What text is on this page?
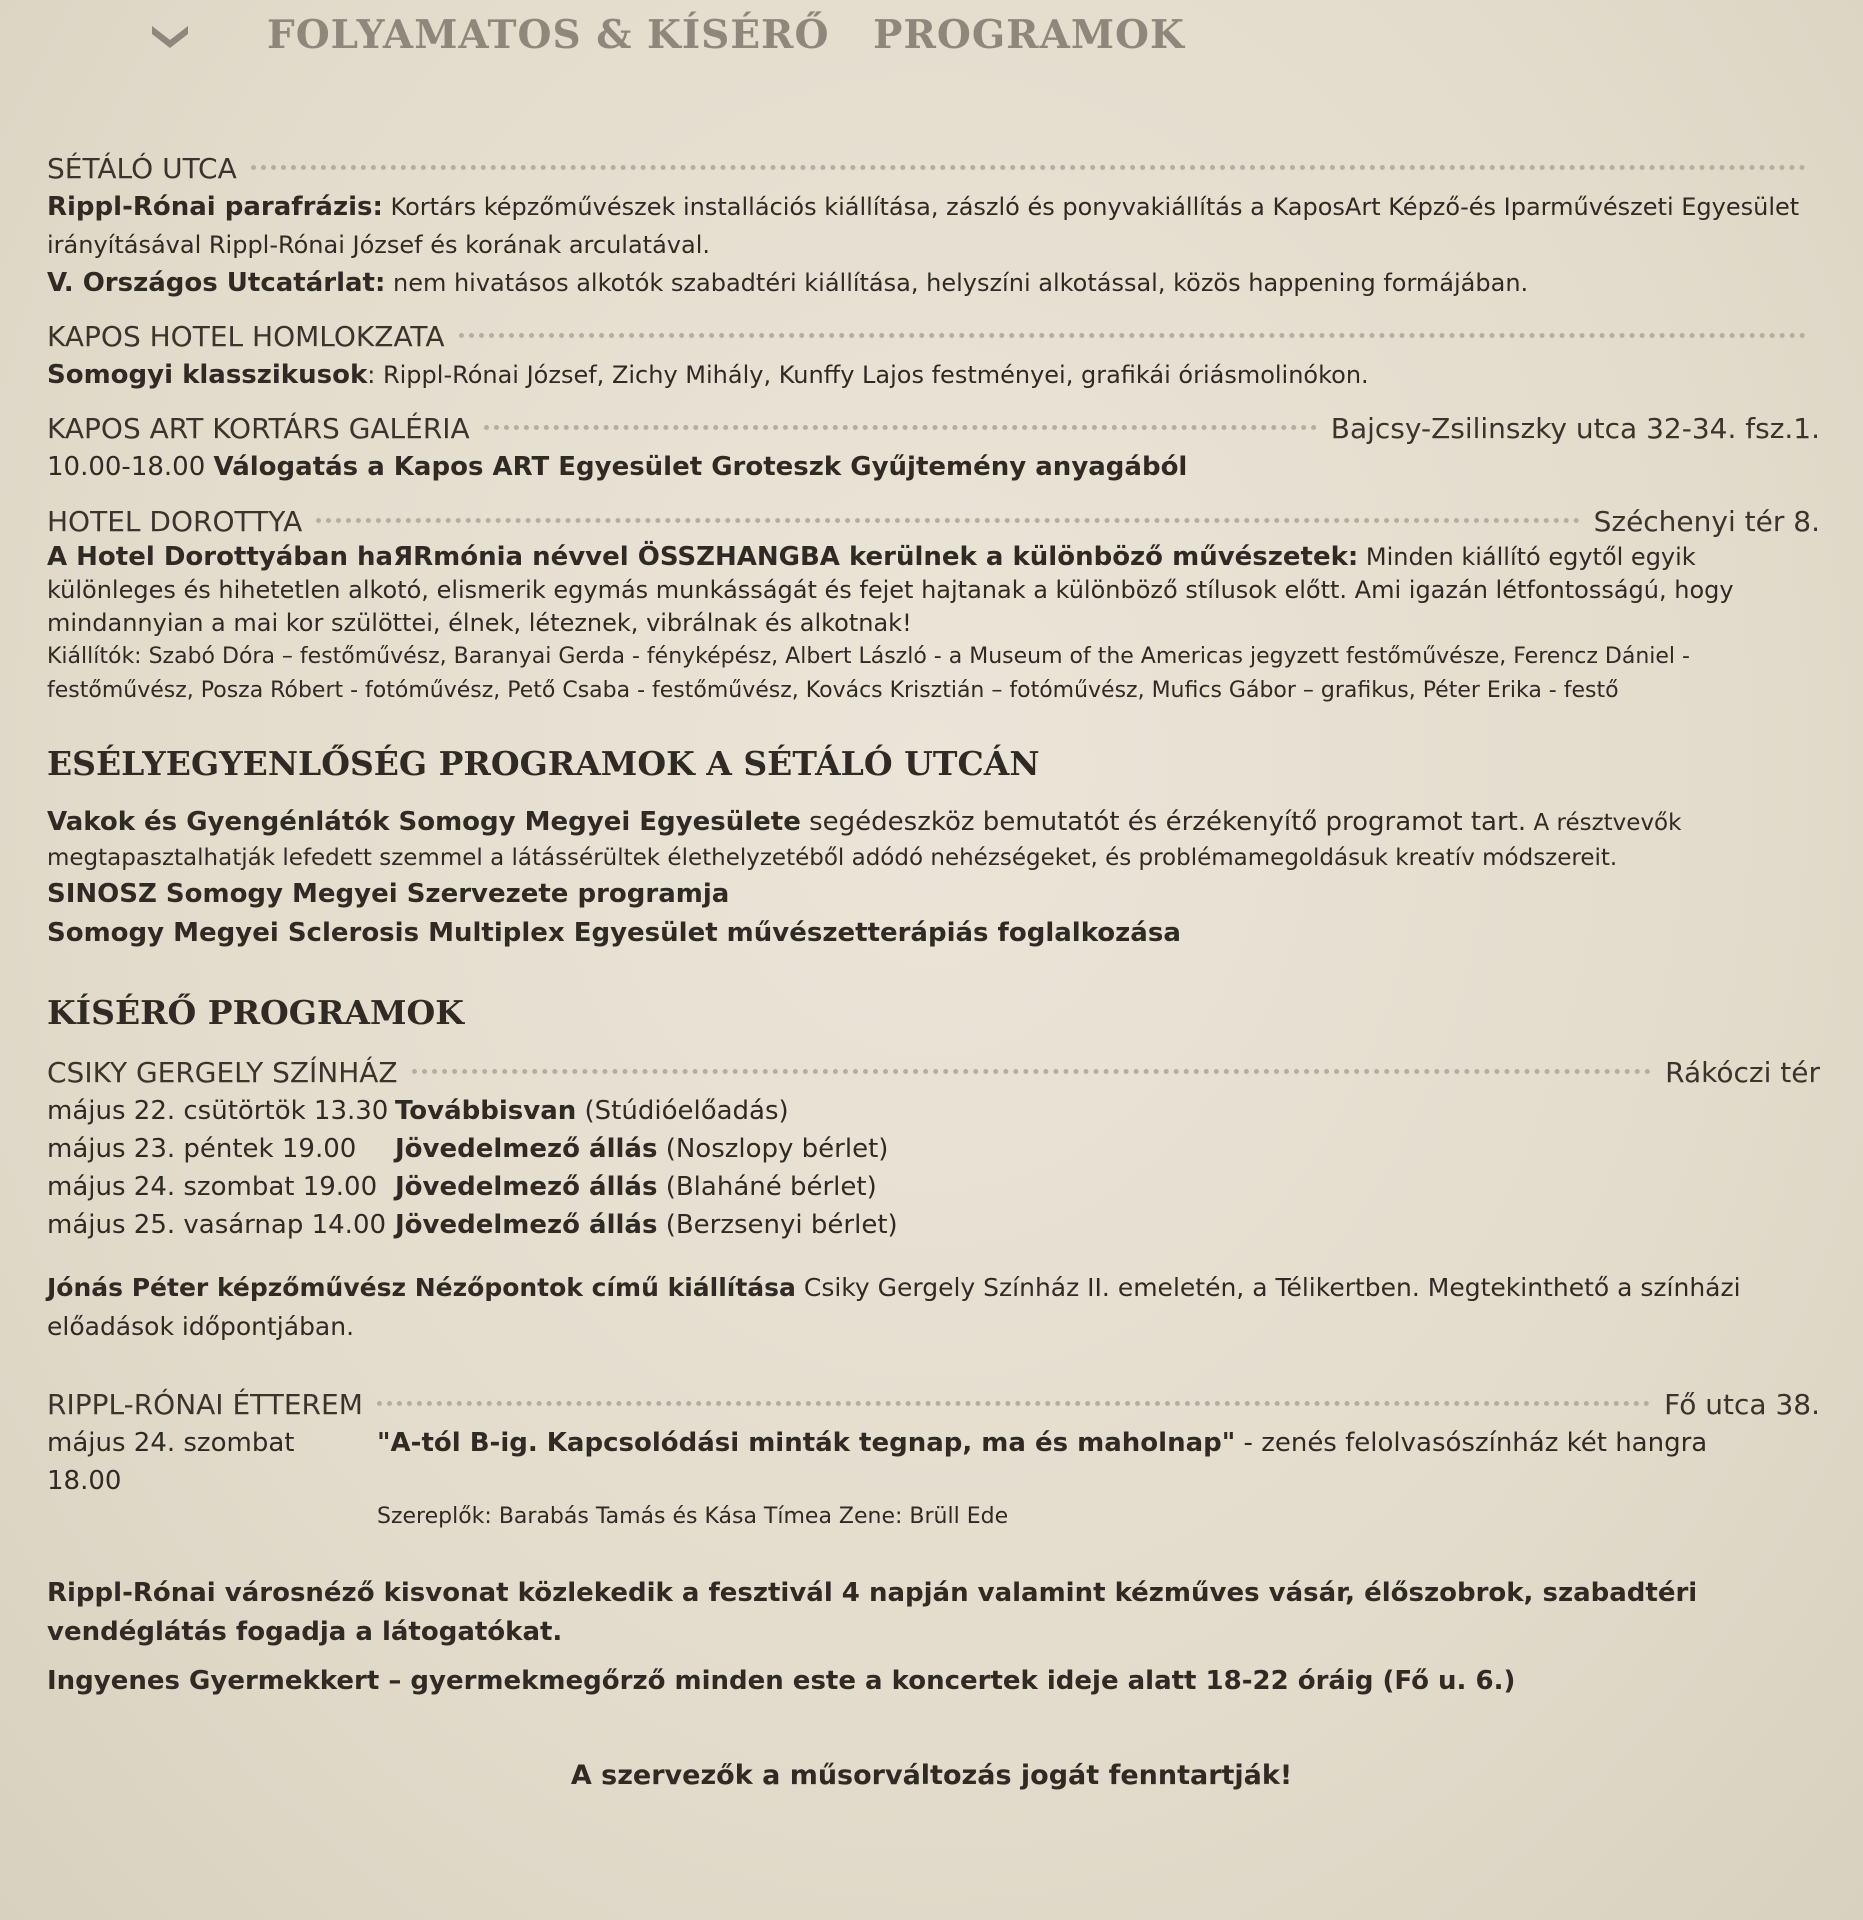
FOLYAMATOS & KÍSÉRŐ   PROGRAMOK
SÉTÁLÓ UTCA
Rippl-Rónai parafrázis: Kortárs képzőművészek installációs kiállítása, zászló és ponyvakiállítás a KaposArt Képző-és Iparművészeti Egyesület irányításával Rippl-Rónai József és korának arculatával.
V. Országos Utcatárlat: nem hivatásos alkotók szabadtéri kiállítása, helyszíni alkotással, közös happening formájában.
KAPOS HOTEL HOMLOKZATA
Somogyi klasszikusok: Rippl-Rónai József, Zichy Mihály, Kunffy Lajos festményei, grafikái óriásmolinókon.
KAPOS ART KORTÁRS GALÉRIA	Bajcsy-Zsilinszky utca 32-34. fsz.1.
10.00-18.00 Válogatás a Kapos ART Egyesület Groteszk Gyűjtemény anyagából
HOTEL DOROTTYA	Széchenyi tér 8.
A Hotel Dorottyában haЯRmónia névvel ÖSSZHANGBA kerülnek a különböző művészetek: Minden kiállító egytől egyik különleges és hihetetlen alkotó, elismerik egymás munkásságát és fejet hajtanak a különböző stílusok előtt. Ami igazán létfontosságú, hogy mindannyian a mai kor szülöttei, élnek, léteznek, vibrálnak és alkotnak!
Kiállítók: Szabó Dóra – festőművész, Baranyai Gerda - fényképész, Albert László - a Museum of the Americas jegyzett festőművésze, Ferencz Dániel - festőművész, Posza Róbert - fotóművész, Pető Csaba - festőművész, Kovács Krisztián – fotóművész, Mufics Gábor – grafikus, Péter Erika - festő
ESÉLYEGYENLŐSÉG PROGRAMOK A SÉTÁLÓ UTCÁN
Vakok és Gyengénlátók Somogy Megyei Egyesülete segédeszköz bemutatót és érzékenyítő programot tart. A résztvevők megtapasztalhatják lefedett szemmel a látássérültek élethelyzetéből adódó nehézségeket, és problémamegoldásuk kreatív módszereit.
SINOSZ Somogy Megyei Szervezete programja
Somogy Megyei Sclerosis Multiplex Egyesület művészetterápiás foglalkozása
KÍSÉRŐ PROGRAMOK
CSIKY GERGELY SZÍNHÁZ	Rákóczi tér
május 22. csütörtök 13.30 Továbbisvan (Stúdióelőadás)
május 23. péntek 19.00	Jövedelmező állás (Noszlopy bérlet)
május 24. szombat 19.00 Jövedelmező állás (Blaháné bérlet)
május 25. vasárnap 14.00 Jövedelmező állás (Berzsenyi bérlet)
Jónás Péter képzőművész Nézőpontok című kiállítása Csiky Gergely Színház II. emeletén, a Télikertben. Megtekinthető a színházi előadások időpontjában.
RIPPL-RÓNAI ÉTTEREM	Fő utca 38.
május 24. szombat 18.00
"A-tól B-ig. Kapcsolódási minták tegnap, ma és maholnap" - zenés felolvasószínház két hangra
Szereplők: Barabás Tamás és Kása Tímea Zene: Brüll Ede
Rippl-Rónai városnéző kisvonat közlekedik a fesztivál 4 napján valamint kézműves vásár, élőszobrok, szabadtéri vendéglátás fogadja a látogatókat.
Ingyenes Gyermekkert – gyermekmegőrző minden este a koncertek ideje alatt 18-22 óráig (Fő u. 6.)
A szervezők a műsorváltozás jogát fenntartják!
